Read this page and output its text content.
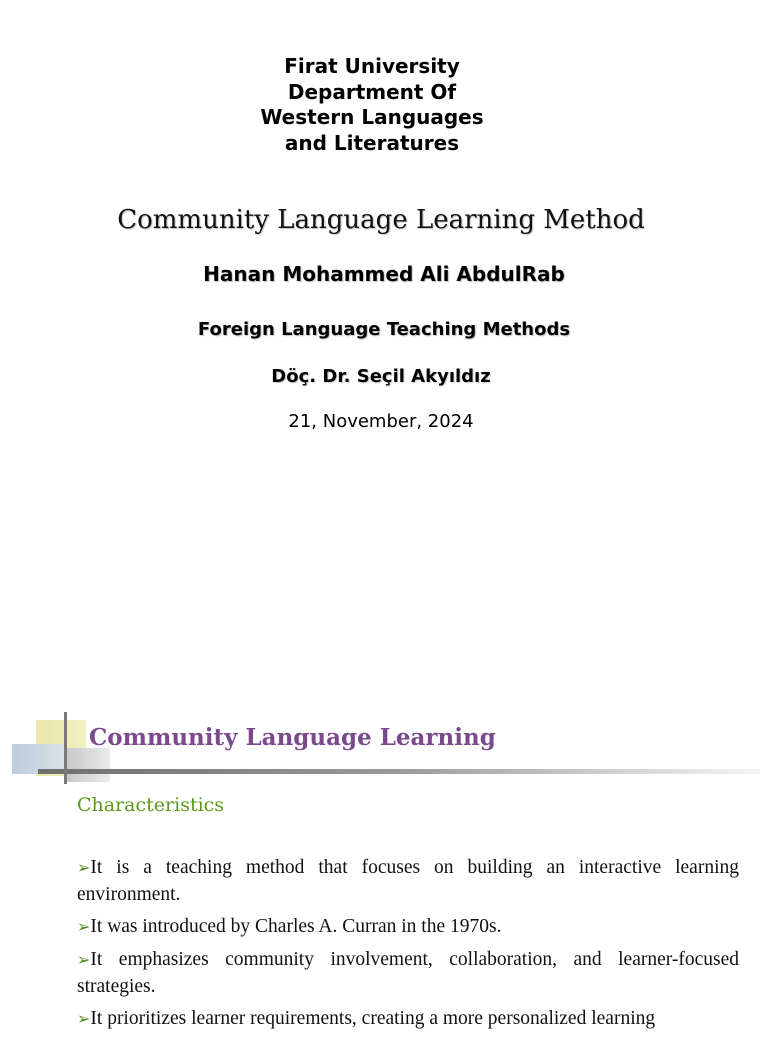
Firat University
Department Of
Western Languages
and Literatures
Community Language Learning Method
Hanan Mohammed Ali AbdulRab
Foreign Language Teaching Methods
Döç. Dr. Seçil Akyıldız
21, November, 2024
Community Language Learning
Characteristics
➢It is a teaching method that focuses on building an interactive learning environment.
➢It was introduced by Charles A. Curran in the 1970s.
➢It emphasizes community involvement, collaboration, and learner-focused strategies.
➢It prioritizes learner requirements, creating a more personalized learning
